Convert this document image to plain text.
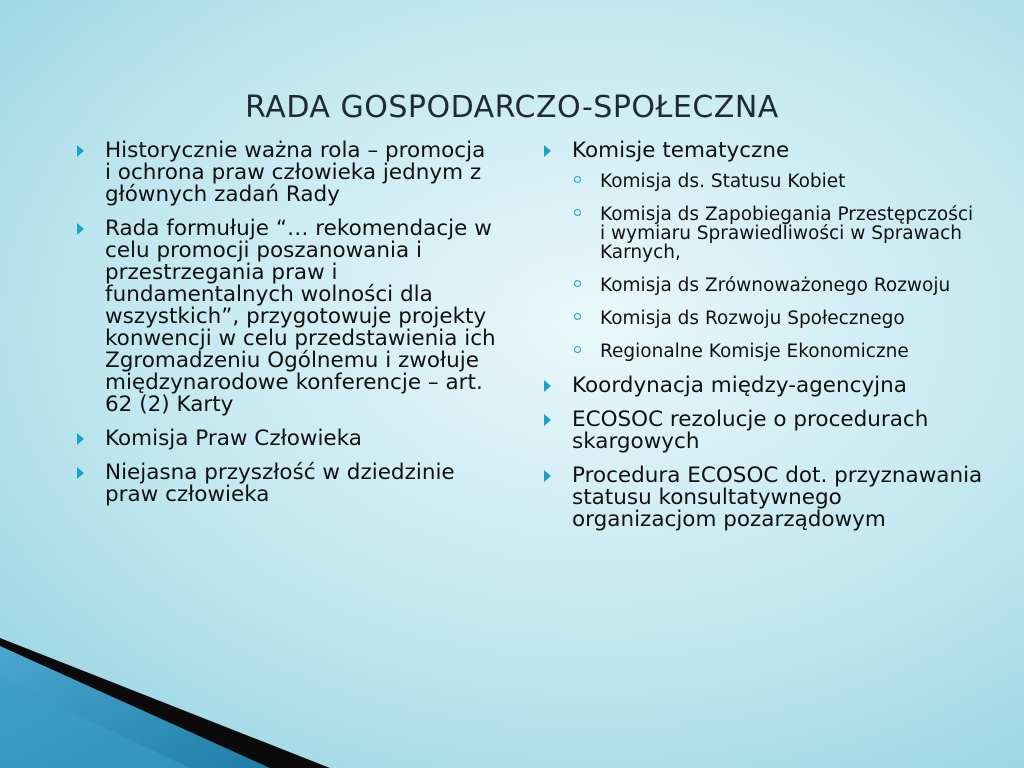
RADA GOSPODARCZO-SPOŁECZNA
Historycznie ważna rola – promocja i ochrona praw człowieka jednym z głównych zadań Rady
Rada formułuje “… rekomendacje w celu promocji poszanowania i przestrzegania praw i fundamentalnych wolności dla wszystkich”, przygotowuje projekty konwencji w celu przedstawienia ich Zgromadzeniu Ogólnemu i zwołuje międzynarodowe konferencje – art. 62 (2) Karty
Komisja Praw Człowieka
Niejasna przyszłość w dziedzinie praw człowieka
Komisje tematyczne
Komisja ds. Statusu Kobiet
Komisja ds Zapobiegania Przestępczości i wymiaru Sprawiedliwości w Sprawach Karnych,
Komisja ds Zrównoważonego Rozwoju
Komisja ds Rozwoju Społecznego
Regionalne Komisje Ekonomiczne
Koordynacja między-agencyjna
ECOSOC rezolucje o procedurach skargowych
Procedura ECOSOC dot. przyznawania statusu konsultatywnego organizacjom pozarządowym
